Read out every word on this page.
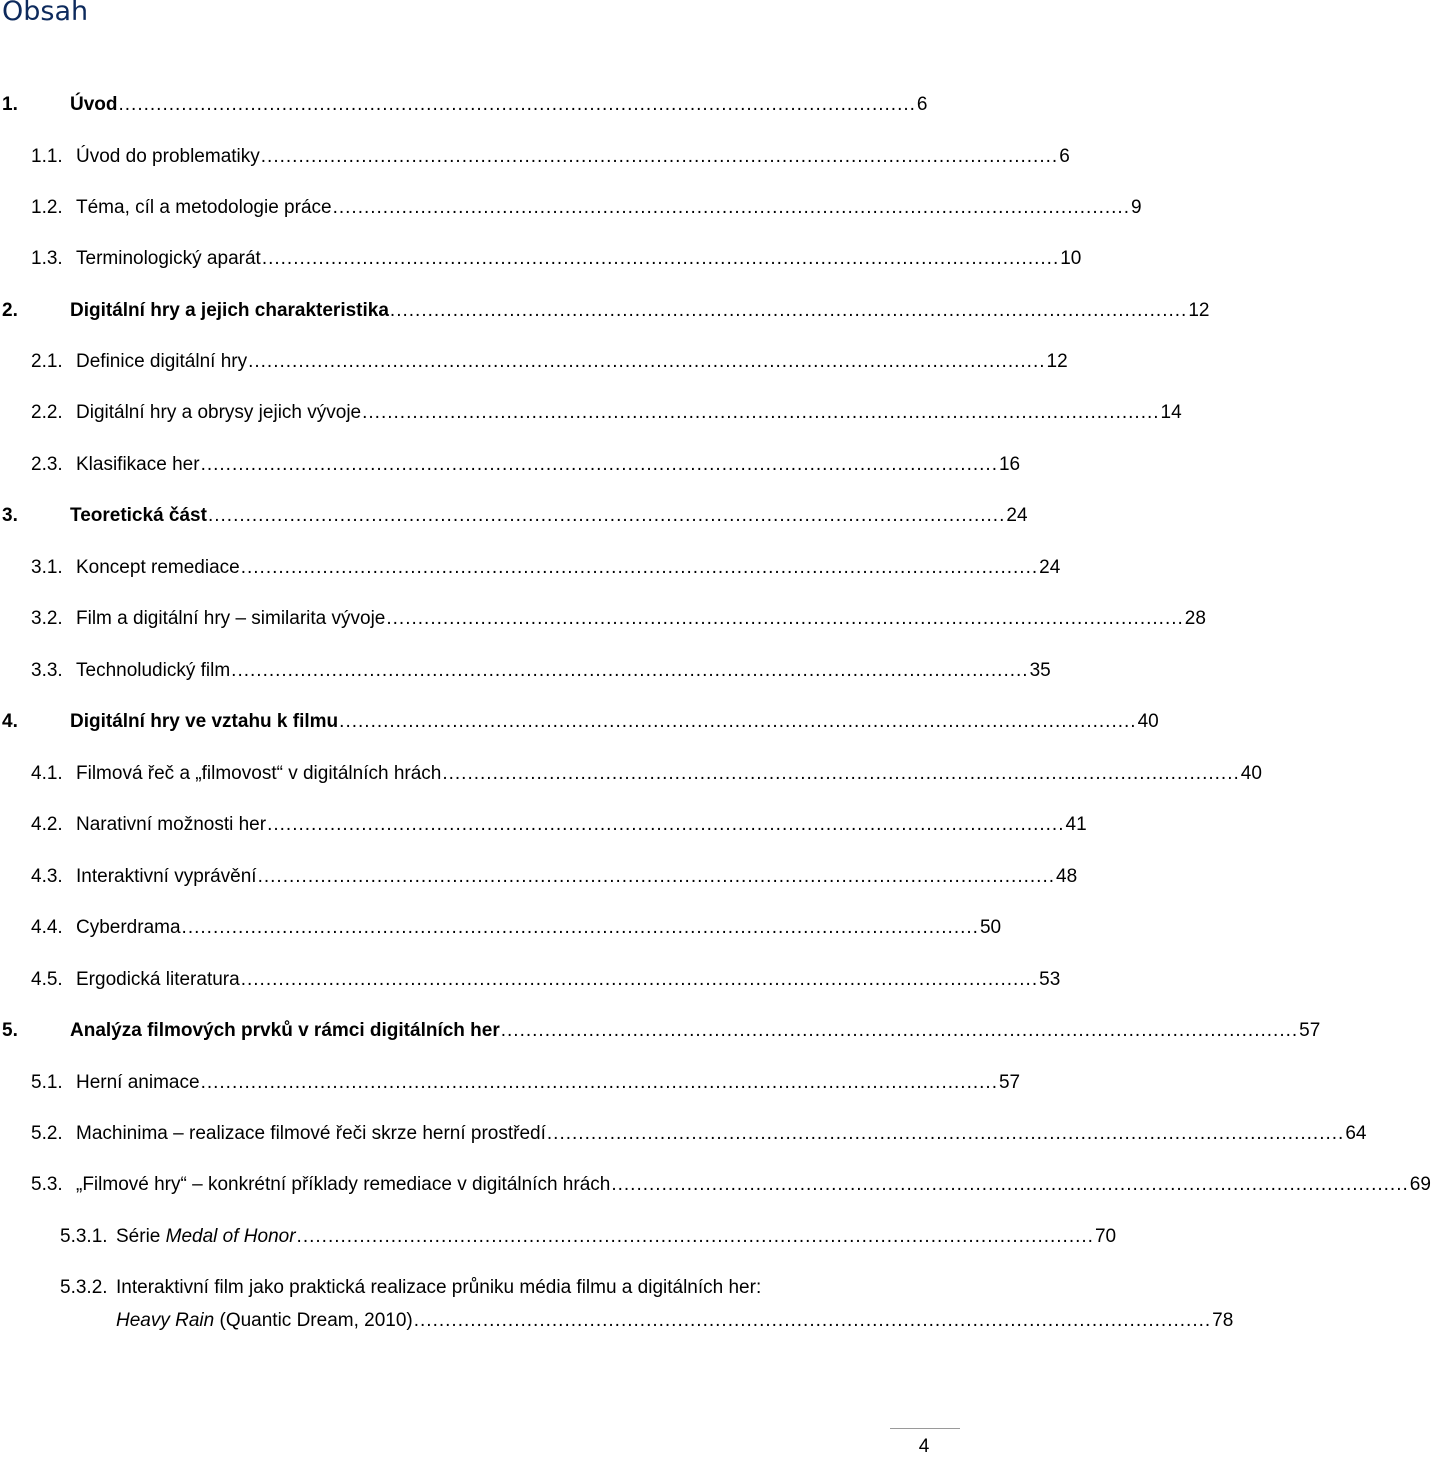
Obsah
1.	Úvod ............................................................................................................................... 6
1.1. Úvod do problematiky ............................................................................................................................... 6
1.2. Téma, cíl a metodologie práce ............................................................................................................................... 9
1.3. Terminologický aparát ............................................................................................................................... 10
2.	Digitální hry a jejich charakteristika ............................................................................................................................... 12
2.1. Definice digitální hry ............................................................................................................................... 12
2.2. Digitální hry a obrysy jejich vývoje ............................................................................................................................... 14
2.3. Klasifikace her ............................................................................................................................... 16
3.	Teoretická část ............................................................................................................................... 24
3.1. Koncept remediace ............................................................................................................................... 24
3.2. Film a digitální hry – similarita vývoje ............................................................................................................................... 28
3.3. Technoludický film ............................................................................................................................... 35
4.	Digitální hry ve vztahu k filmu ............................................................................................................................... 40
4.1. Filmová řeč a „filmovost“ v digitálních hrách ............................................................................................................................... 40
4.2. Narativní možnosti her ............................................................................................................................... 41
4.3. Interaktivní vyprávění ............................................................................................................................... 48
4.4. Cyberdrama ............................................................................................................................... 50
4.5. Ergodická literatura ............................................................................................................................... 53
5.	Analýza filmových prvků v rámci digitálních her ............................................................................................................................... 57
5.1. Herní animace ............................................................................................................................... 57
5.2. Machinima – realizace filmové řeči skrze herní prostředí ............................................................................................................................... 64
5.3. „Filmové hry“ – konkrétní příklady remediace v digitálních hrách ............................................................................................................................... 69
5.3.1. Série Medal of Honor ............................................................................................................................... 70
5.3.2. Interaktivní film jako praktická realizace průniku média filmu a digitálních her:
Heavy Rain (Quantic Dream, 2010) ............................................................................................................................... 78
4
